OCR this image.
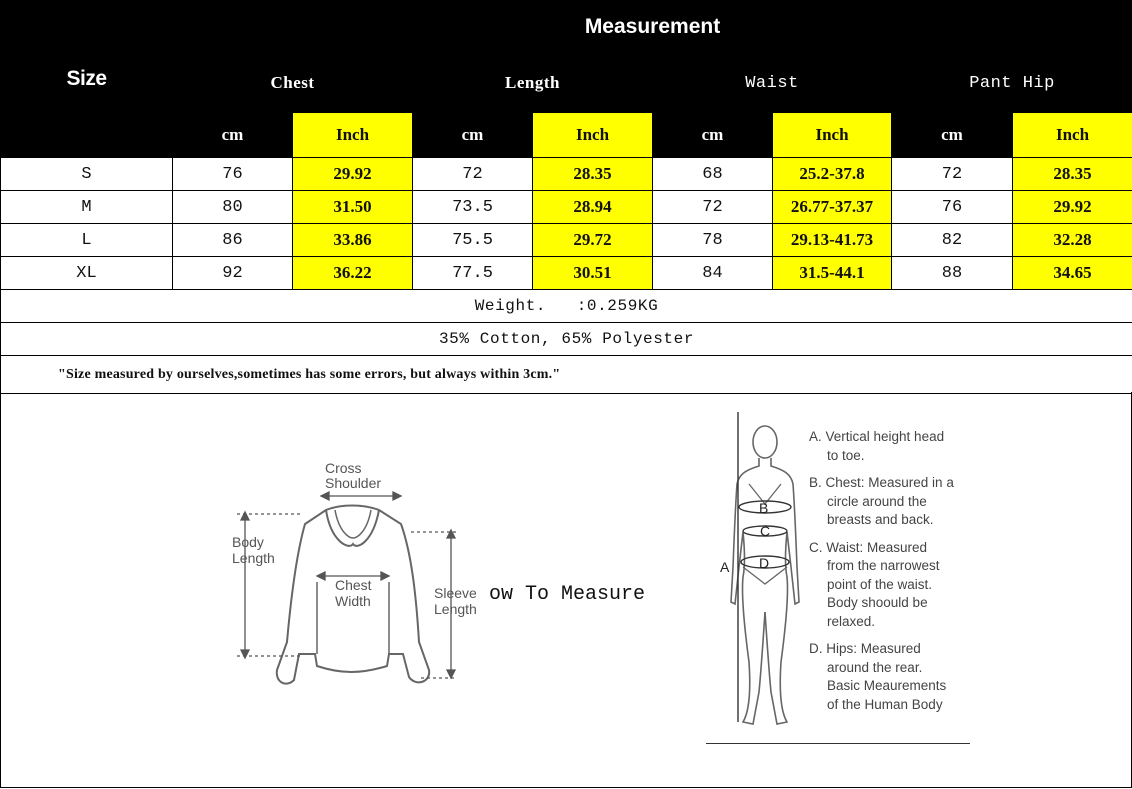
Size	Measurement							
	Chest		Length		Waist		Pant Hip	
	cm	Inch	cm	Inch	cm	Inch	cm	Inch
S	76	29.92	72	28.35	68	25.2-37.8	72	28.35
M	80	31.50	73.5	28.94	72	26.77-37.37	76	29.92
L	86	33.86	75.5	29.72	78	29.13-41.73	82	32.28
XL	92	36.22	77.5	30.51	84	31.5-44.1	88	34.65
Weight.   :0.259KG								
35% Cotton, 65% Polyester								
"Size measured by ourselves,sometimes has some errors, but always within 3cm."								
Cross
Shoulder
Body
Length
Chest
Width	Sleeve
Length
B
C
D
A
ow To Measure
A. Vertical height head
to toe.
B. Chest: Measured in a
circle around the
breasts and back.
C. Waist: Measured
from the narrowest
point of the waist.
Body shoould be
relaxed.
D. Hips: Measured
around the rear.
Basic Meaurements
of the Human Body
